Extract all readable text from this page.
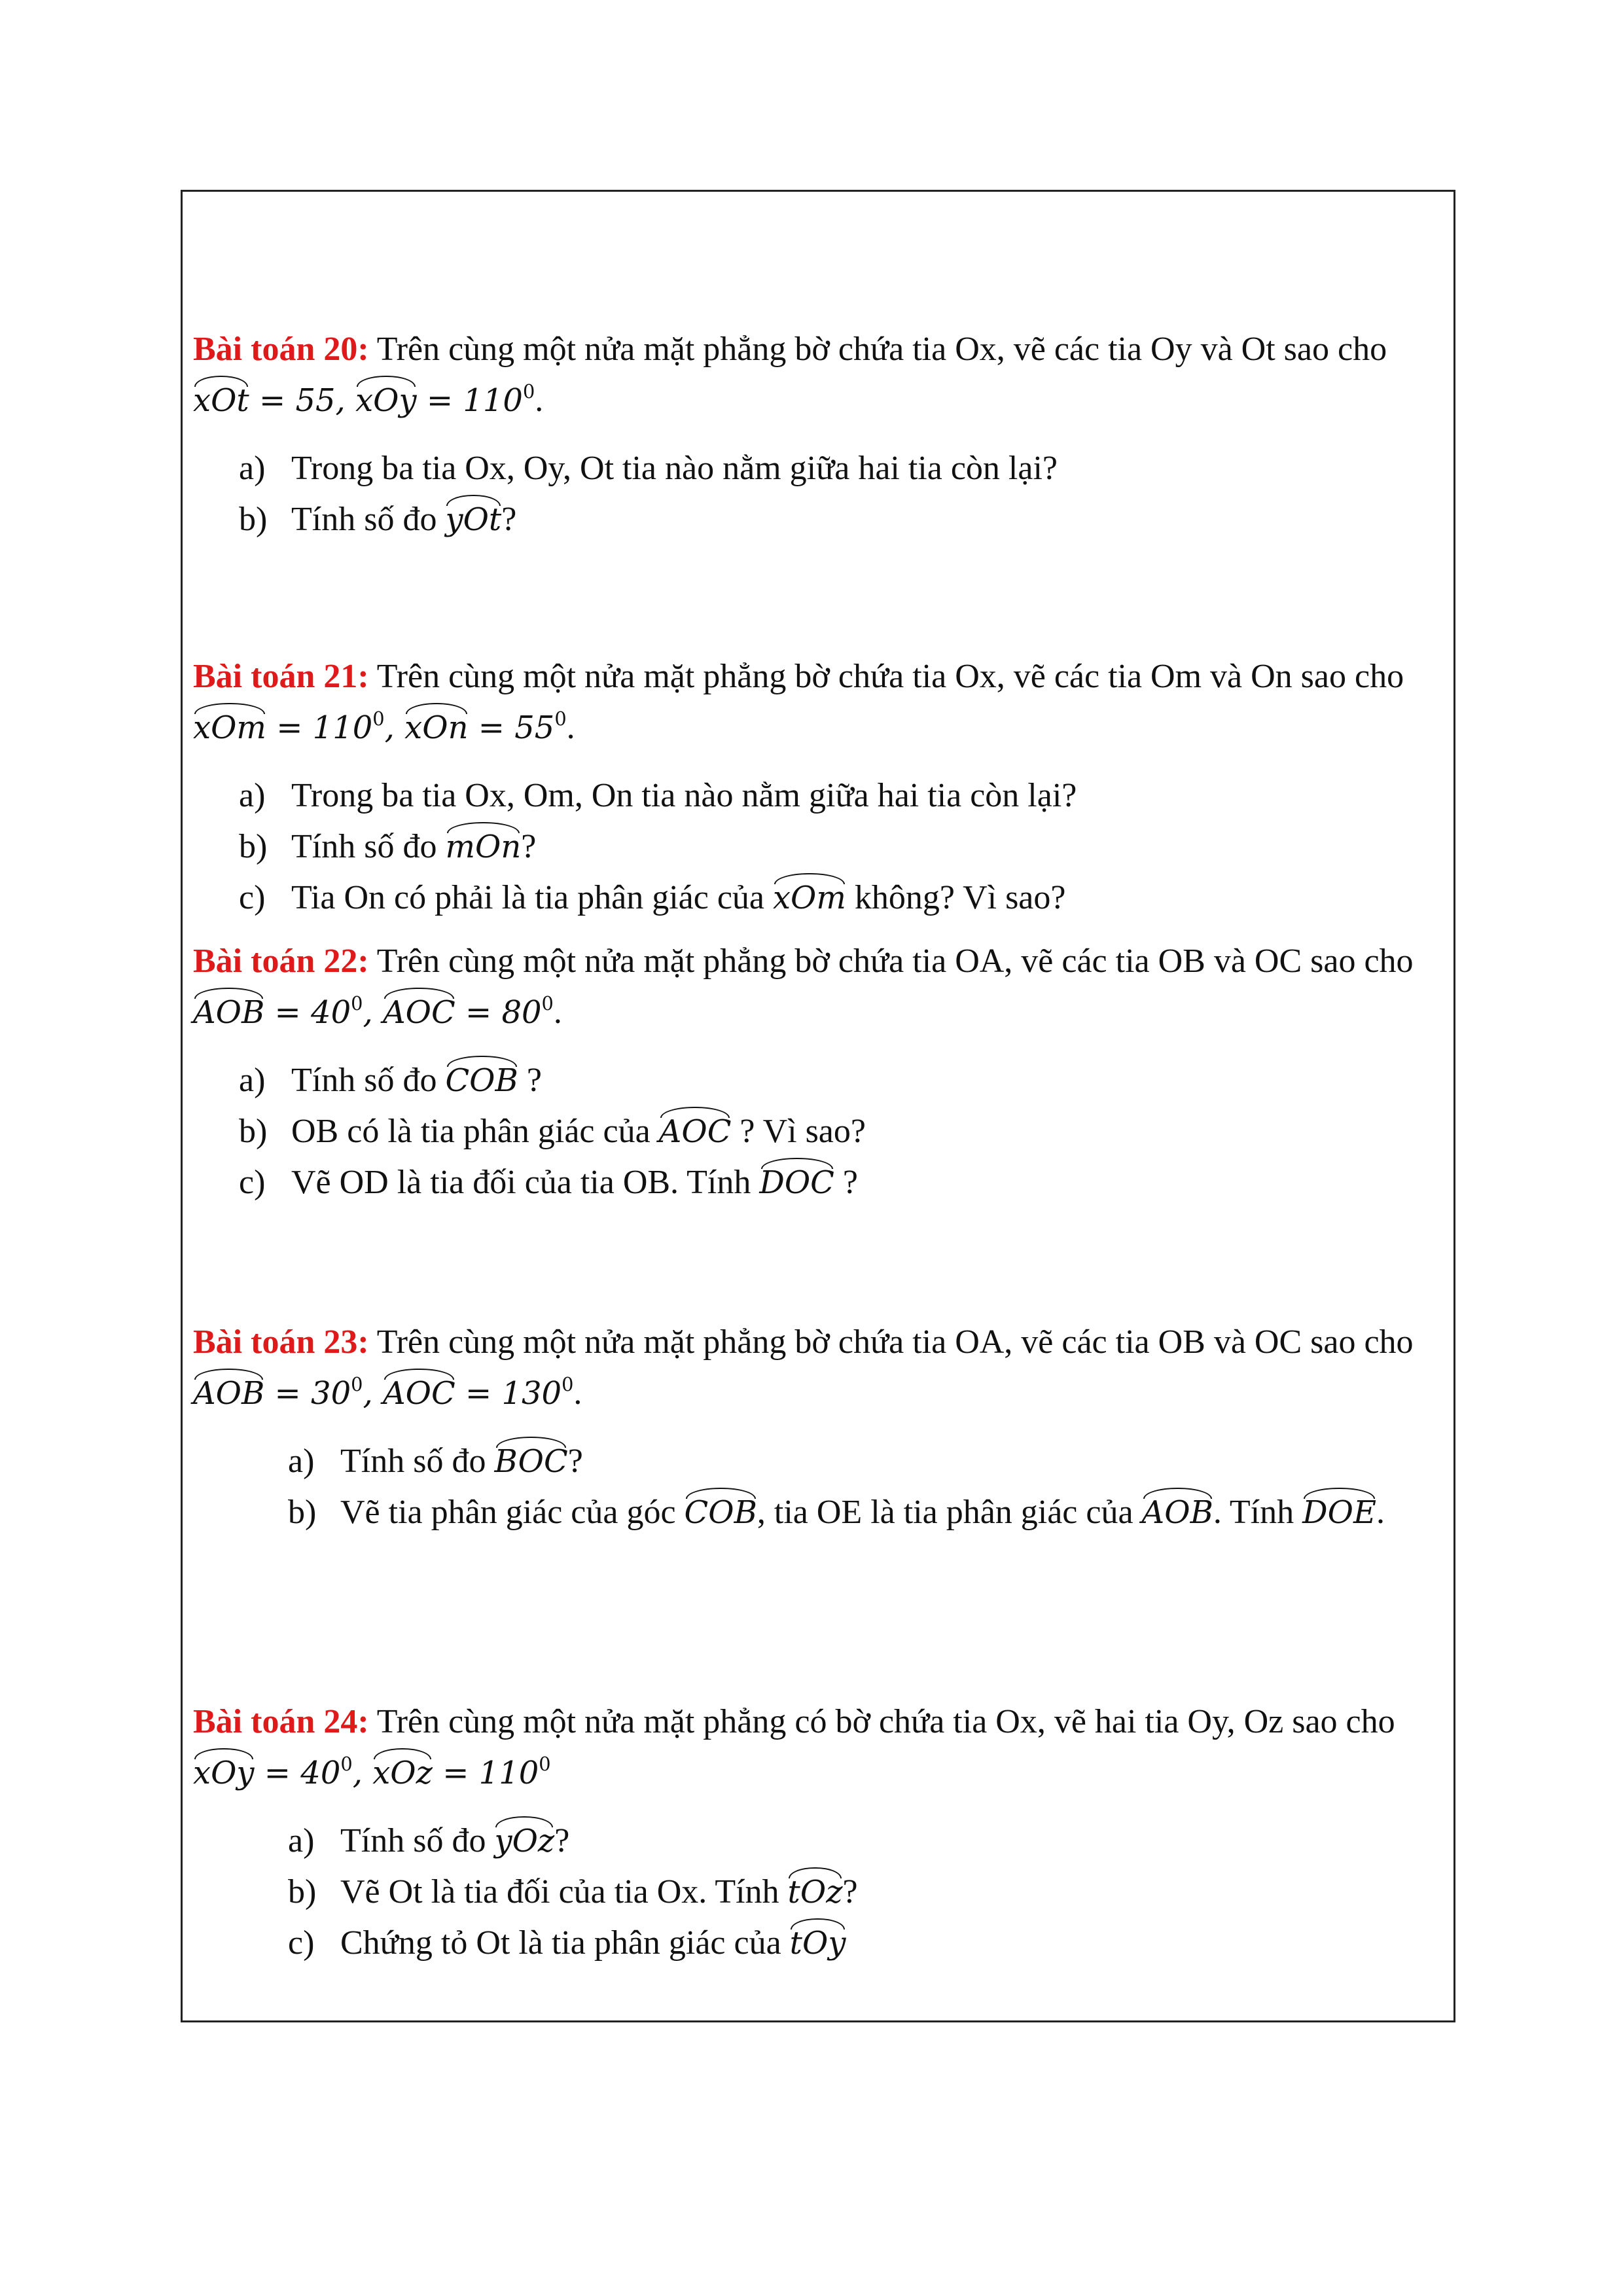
Bài toán 20: Trên cùng một nửa mặt phẳng bờ chứa tia Ox, vẽ các tia Oy và Ot sao cho xOt = 55, xOy = $110^0$.

a) Trong ba tia Ox, Oy, Ot tia nào nằm giữa hai tia còn lại?
b) Tính số đo yOt?

Bài toán 21: Trên cùng một nửa mặt phẳng bờ chứa tia Ox, vẽ các tia Om và On sao cho xOm = $110^0$, xOn = $55^0$.

a) Trong ba tia Ox, Om, On tia nào nằm giữa hai tia còn lại?
b) Tính số đo mOn?
c) Tia On có phải là tia phân giác của xOm không? Vì sao?

Bài toán 22: Trên cùng một nửa mặt phẳng bờ chứa tia OA, vẽ các tia OB và OC sao cho AOB = $40^0$, AOC = $80^0$.

a) Tính số đo COB ?
b) OB có là tia phân giác của AOC ? Vì sao?
c) Vẽ OD là tia đối của tia OB. Tính DOC ?

Bài toán 23: Trên cùng một nửa mặt phẳng bờ chứa tia OA, vẽ các tia OB và OC sao cho AOB = $30^0$, AOC = $130^0$.

a) Tính số đo BOC?
b) Vẽ tia phân giác của góc COB, tia OE là tia phân giác của AOB. Tính DOE.

Bài toán 24: Trên cùng một nửa mặt phẳng có bờ chứa tia Ox, vẽ hai tia Oy, Oz sao cho xOy = $40^0$, xOz = $110^0$

a) Tính số đo yOz?
b) Vẽ Ot là tia đối của tia Ox. Tính tOz?
c) Chứng tỏ Ot là tia phân giác của tOy
